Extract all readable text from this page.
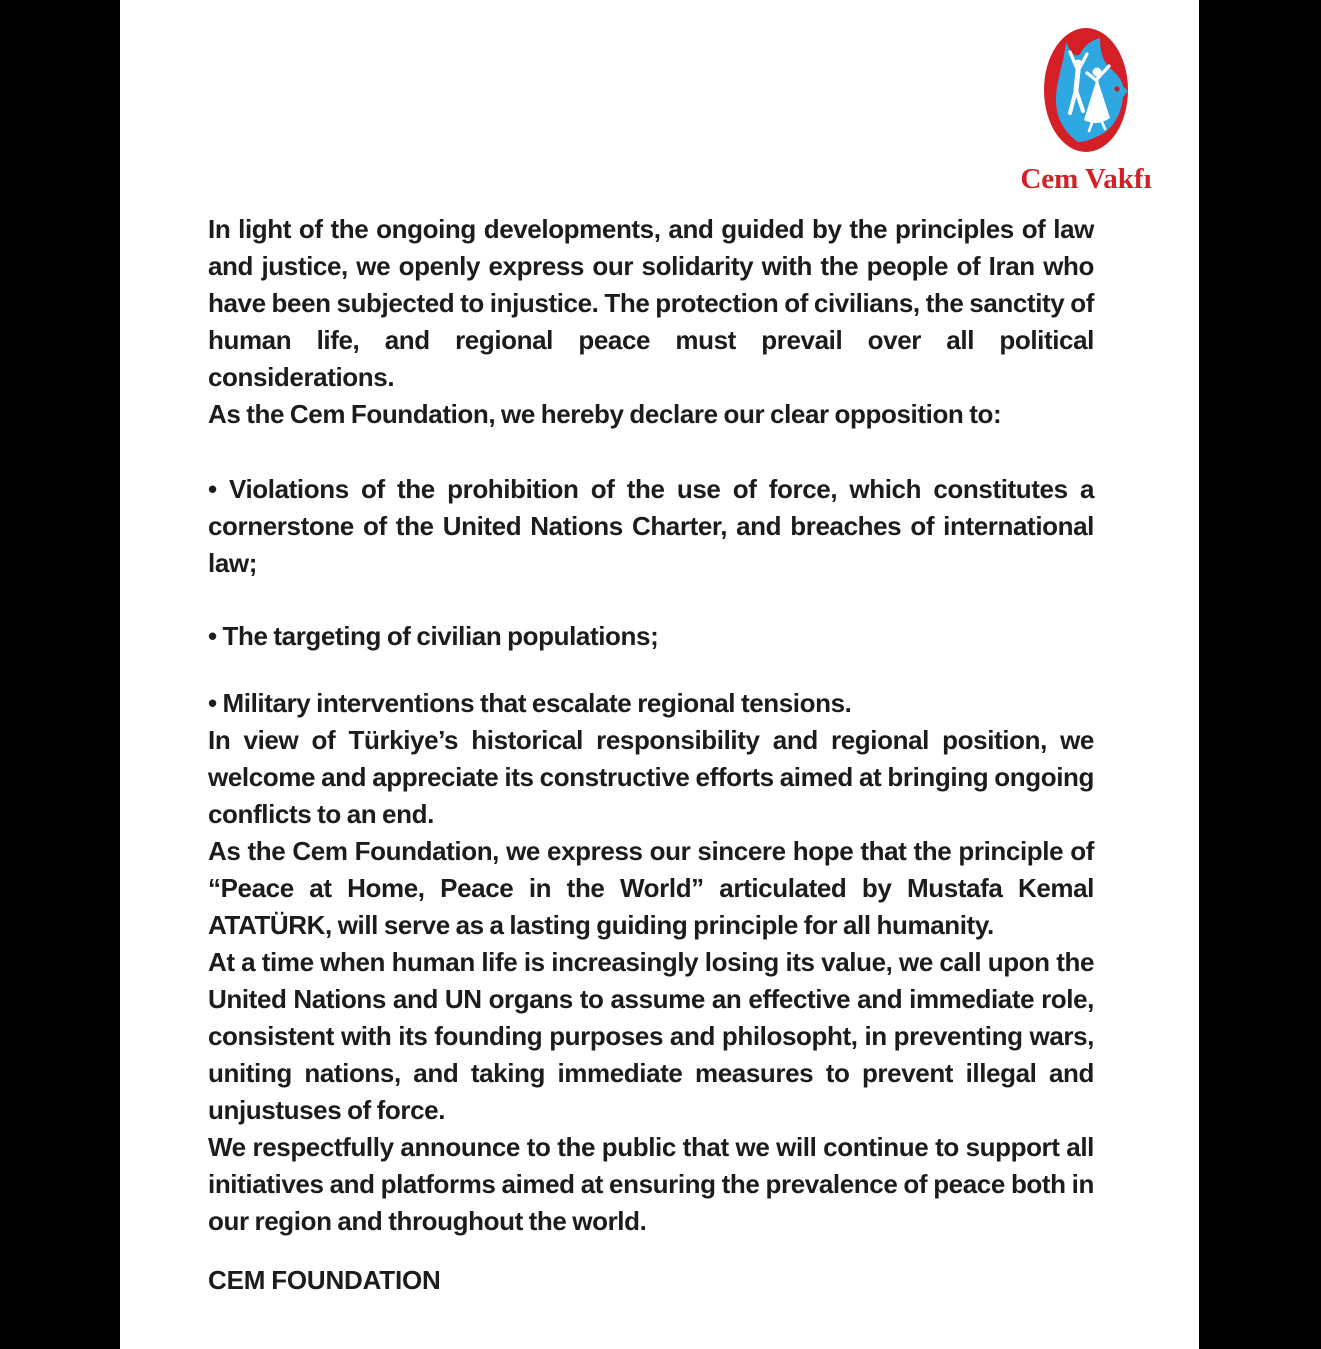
Cem Vakfı

In light of the ongoing developments, and guided by the principles of law and justice, we openly express our solidarity with the people of Iran who have been subjected to injustice. The protection of civilians, the sanctity of human life, and regional peace must prevail over all political considerations.

As the Cem Foundation, we hereby declare our clear opposition to:

• Violations of the prohibition of the use of force, which constitutes a cornerstone of the United Nations Charter, and breaches of international law;

• The targeting of civilian populations;

• Military interventions that escalate regional tensions.

In view of Türkiye’s historical responsibility and regional position, we welcome and appreciate its constructive efforts aimed at bringing ongoing conflicts to an end.

As the Cem Foundation, we express our sincere hope that the principle of “Peace at Home, Peace in the World” articulated by Mustafa Kemal ATATÜRK, will serve as a lasting guiding principle for all humanity.

At a time when human life is increasingly losing its value, we call upon the United Nations and UN organs to assume an effective and immediate role, consistent with its founding purposes and philosopht, in preventing wars, uniting nations, and taking immediate measures to prevent illegal and unjustuses of force.

We respectfully announce to the public that we will continue to support all initiatives and platforms aimed at ensuring the prevalence of peace both in our region and throughout the world.

CEM FOUNDATION
